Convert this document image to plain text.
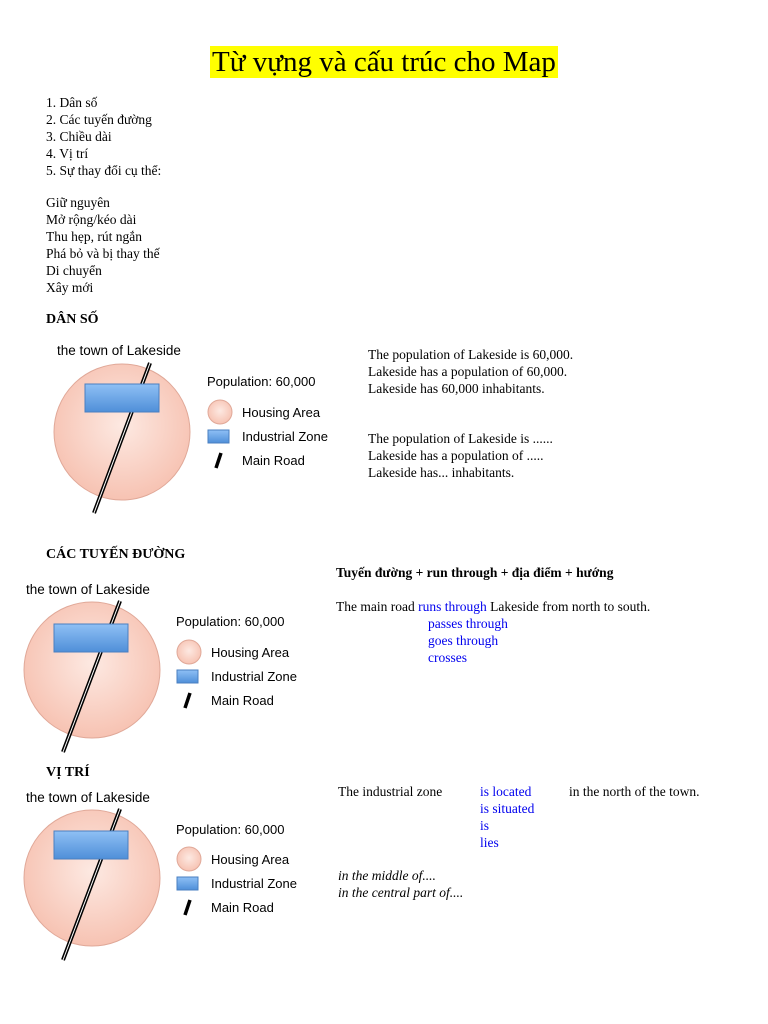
Từ vựng và cấu trúc cho Map
1. Dân số
2. Các tuyến đường
3. Chiều dài
4. Vị trí
5. Sự thay đổi cụ thể:
Giữ nguyên
Mở rộng/kéo dài
Thu hẹp, rút ngắn
Phá bỏ và bị thay thế
Di chuyển
Xây mới
DÂN SỐ
the town of Lakeside
Population: 60,000
Housing Area
Industrial Zone
Main Road
The population of Lakeside is 60,000.
Lakeside has a population of 60,000.
Lakeside has 60,000 inhabitants.
The population of Lakeside is ......
Lakeside has a population of .....
Lakeside has... inhabitants.
CÁC TUYẾN ĐƯỜNG
the town of Lakeside
Population: 60,000
Housing Area
Industrial Zone
Main Road
Tuyến đường + run through + địa điểm + hướng
The main road runs through Lakeside from north to south.
passes through
goes through
crosses
VỊ TRÍ
the town of Lakeside
Population: 60,000
Housing Area
Industrial Zone
Main Road
The industrial zone	is located
is situated
is
lies
in the north of the town.
in the middle of....
in the central part of....
